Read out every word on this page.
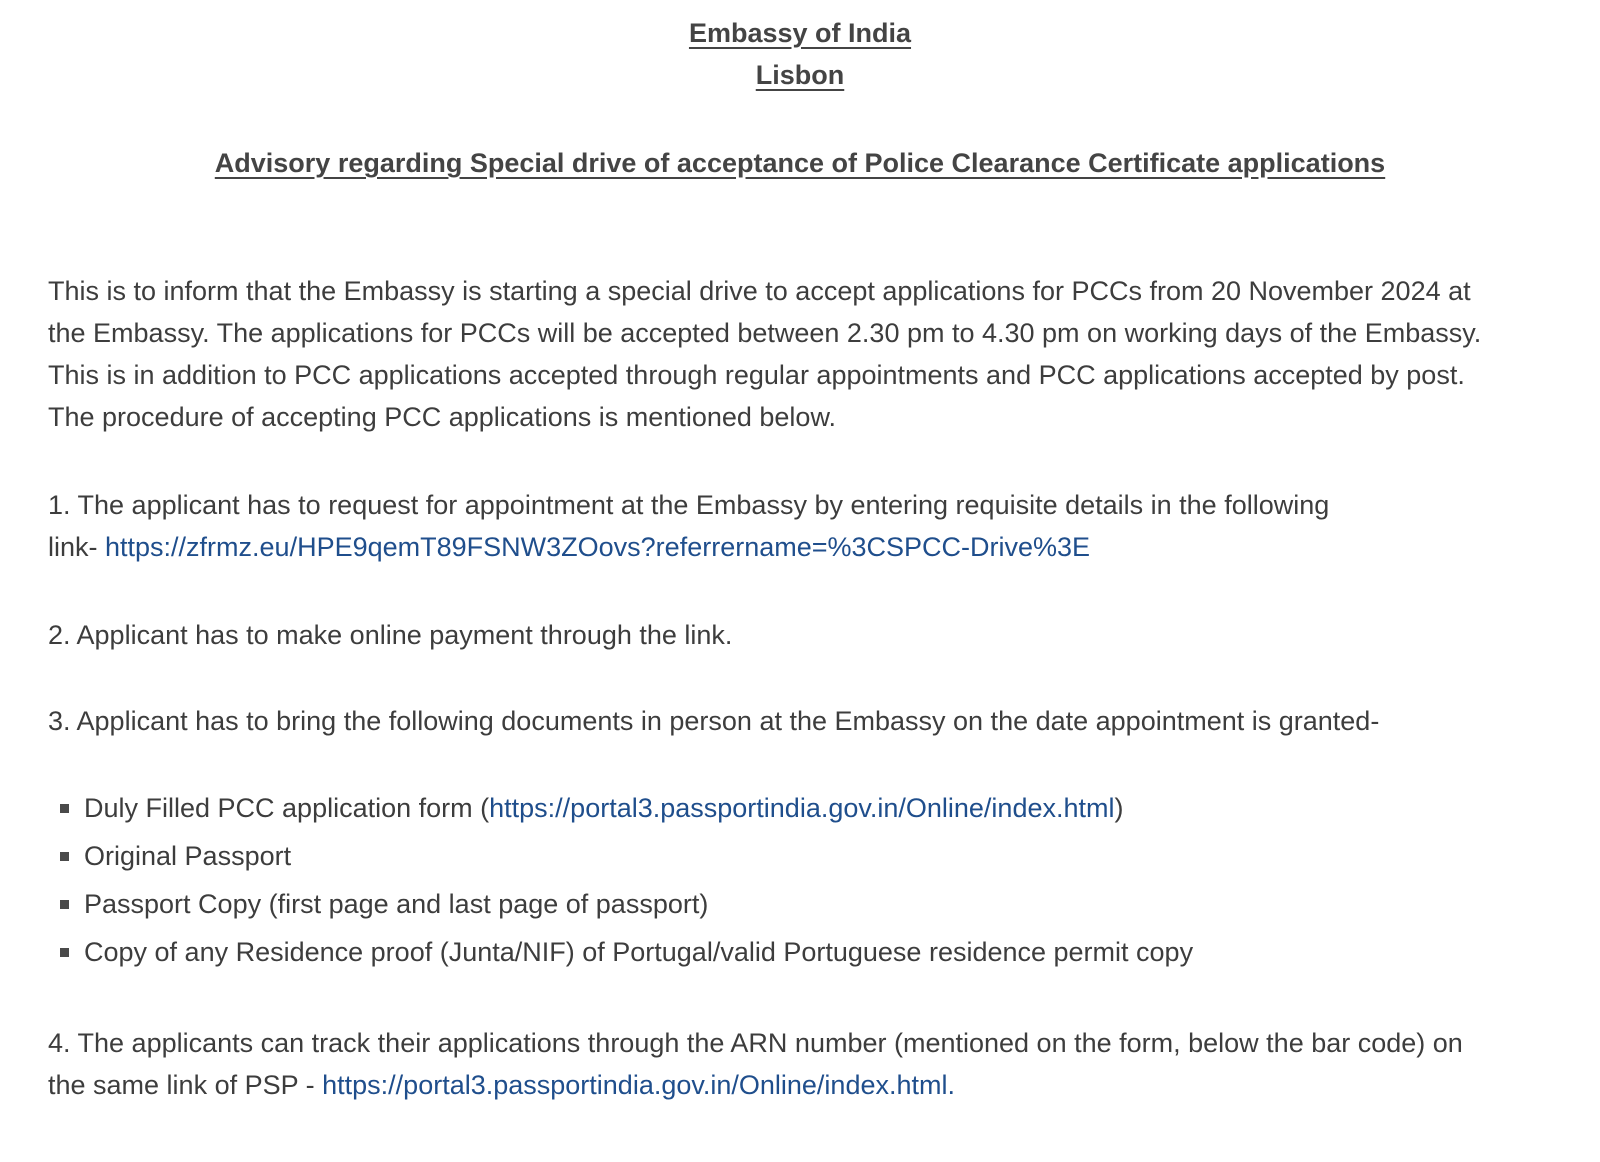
Embassy of India
Lisbon
Advisory regarding Special drive of acceptance of Police Clearance Certificate applications

This is to inform that the Embassy is starting a special drive to accept applications for PCCs from 20 November 2024 at
the Embassy. The applications for PCCs will be accepted between 2.30 pm to 4.30 pm on working days of the Embassy.
This is in addition to PCC applications accepted through regular appointments and PCC applications accepted by post.
The procedure of accepting PCC applications is mentioned below.

1. The applicant has to request for appointment at the Embassy by entering requisite details in the following
link- https://zfrmz.eu/HPE9qemT89FSNW3ZOovs?referrername=%3CSPCC-Drive%3E

2. Applicant has to make online payment through the link.

3. Applicant has to bring the following documents in person at the Embassy on the date appointment is granted-

Duly Filled PCC application form (https://portal3.passportindia.gov.in/Online/index.html)
Original Passport
Passport Copy (first page and last page of passport)
Copy of any Residence proof (Junta/NIF) of Portugal/valid Portuguese residence permit copy

4. The applicants can track their applications through the ARN number (mentioned on the form, below the bar code) on
the same link of PSP - https://portal3.passportindia.gov.in/Online/index.html.
